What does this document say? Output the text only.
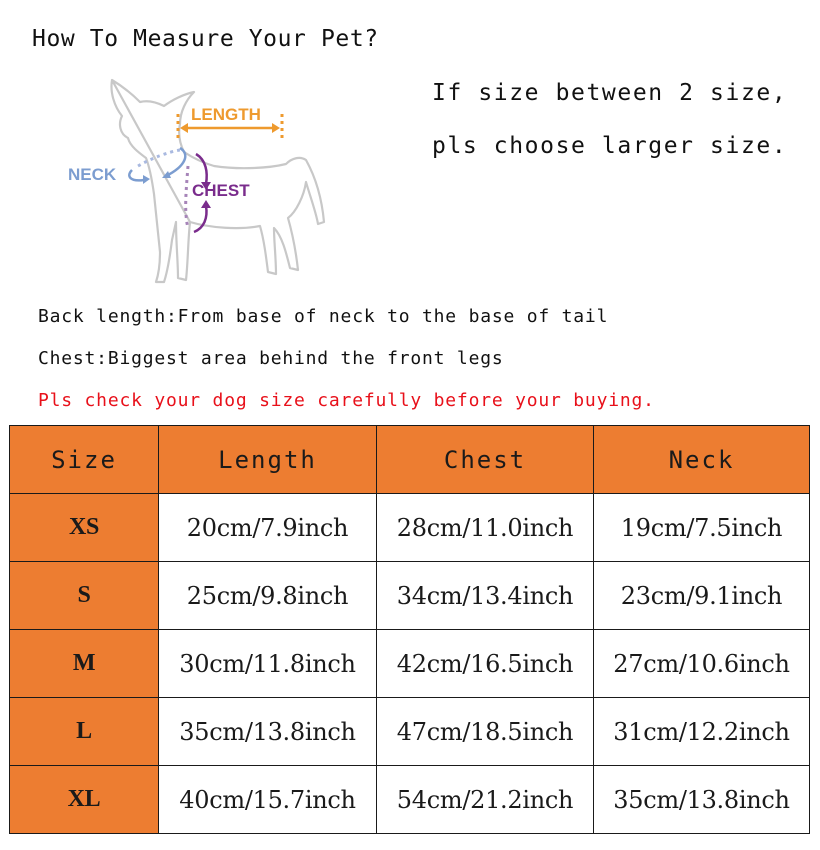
How To Measure Your Pet?
LENGTH
NECK
CHEST
If size between 2 size,
pls choose larger size.
Back length:From base of neck to the base of tail
Chest:Biggest area behind the front legs
Pls check your dog size carefully before your buying.
Size	Length	Chest	Neck
XS	20cm/7.9inch	28cm/11.0inch	19cm/7.5inch
S	25cm/9.8inch	34cm/13.4inch	23cm/9.1inch
M	30cm/11.8inch	42cm/16.5inch	27cm/10.6inch
L	35cm/13.8inch	47cm/18.5inch	31cm/12.2inch
XL	40cm/15.7inch	54cm/21.2inch	35cm/13.8inch
